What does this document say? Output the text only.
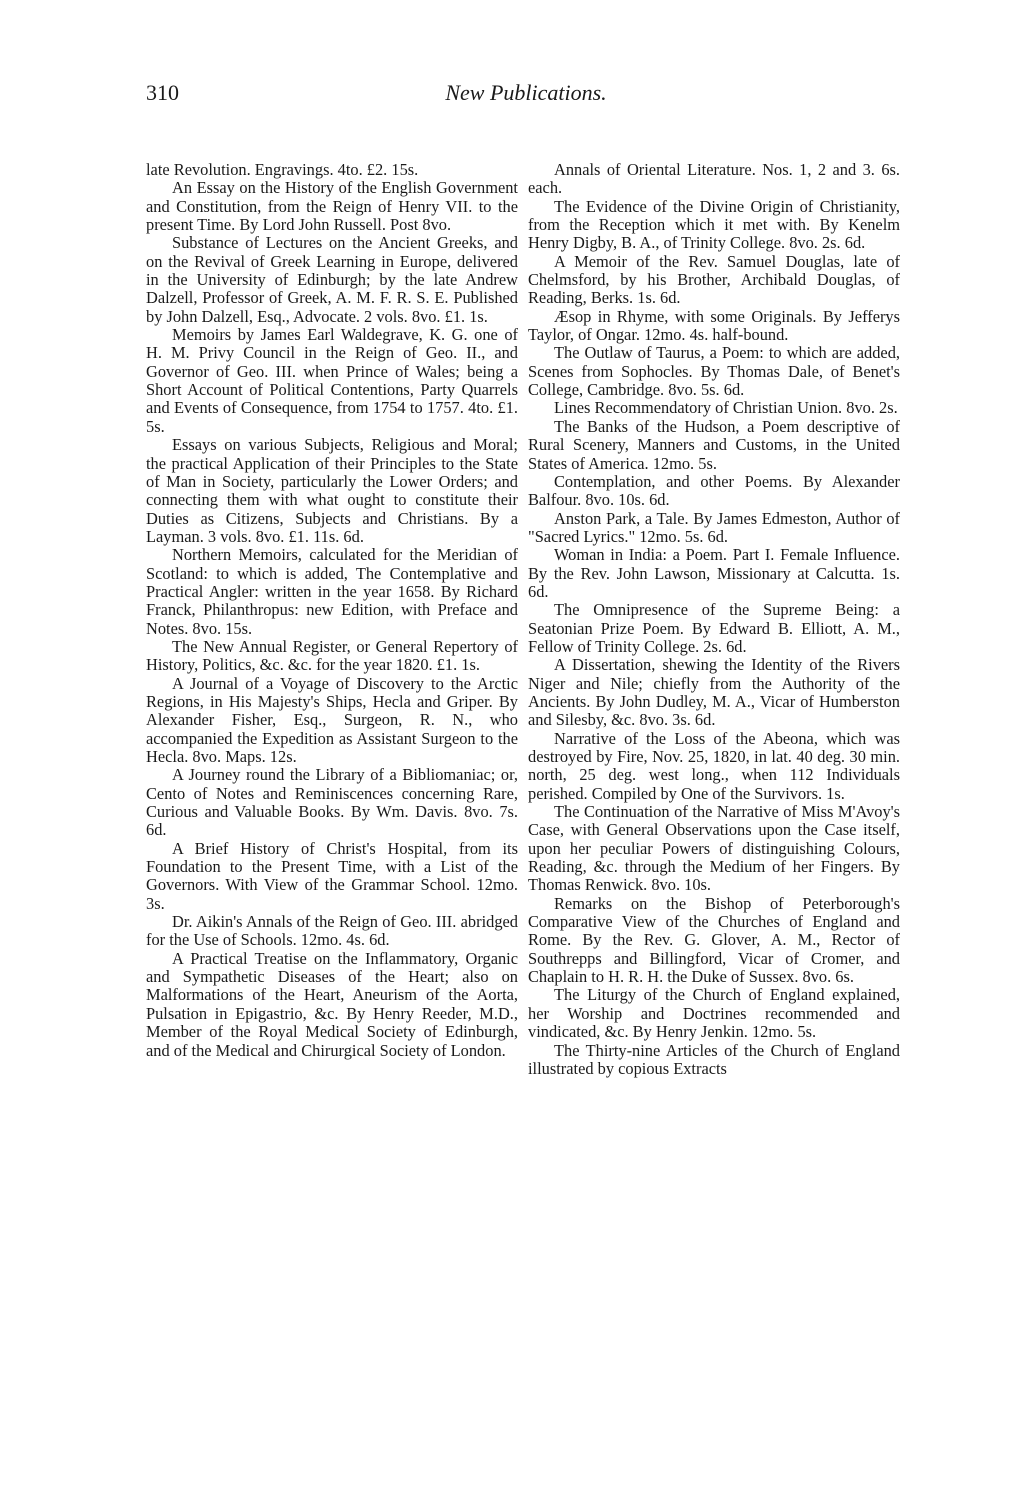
310	New Publications.

late Revolution. Engravings. 4to. £2. 15s.

An Essay on the History of the English Government and Constitution, from the Reign of Henry VII. to the present Time. By Lord John Russell. Post 8vo.

Substance of Lectures on the Ancient Greeks, and on the Revival of Greek Learning in Europe, delivered in the University of Edinburgh; by the late Andrew Dalzell, Professor of Greek, A. M. F. R. S. E. Published by John Dalzell, Esq., Advocate. 2 vols. 8vo. £1. 1s.

Memoirs by James Earl Waldegrave, K. G. one of H. M. Privy Council in the Reign of Geo. II., and Governor of Geo. III. when Prince of Wales; being a Short Account of Political Contentions, Party Quarrels and Events of Consequence, from 1754 to 1757. 4to. £1. 5s.

Essays on various Subjects, Religious and Moral; the practical Application of their Principles to the State of Man in Society, particularly the Lower Orders; and connecting them with what ought to constitute their Duties as Citizens, Subjects and Christians. By a Layman. 3 vols. 8vo. £1. 11s. 6d.

Northern Memoirs, calculated for the Meridian of Scotland: to which is added, The Contemplative and Practical Angler: written in the year 1658. By Richard Franck, Philanthropus: new Edition, with Preface and Notes. 8vo. 15s.

The New Annual Register, or General Repertory of History, Politics, &c. &c. for the year 1820. £1. 1s.

A Journal of a Voyage of Discovery to the Arctic Regions, in His Majesty's Ships, Hecla and Griper. By Alexander Fisher, Esq., Surgeon, R. N., who accompanied the Expedition as Assistant Surgeon to the Hecla. 8vo. Maps. 12s.

A Journey round the Library of a Bibliomaniac; or, Cento of Notes and Reminiscences concerning Rare, Curious and Valuable Books. By Wm. Davis. 8vo. 7s. 6d.

A Brief History of Christ's Hospital, from its Foundation to the Present Time, with a List of the Governors. With View of the Grammar School. 12mo. 3s.

Dr. Aikin's Annals of the Reign of Geo. III. abridged for the Use of Schools. 12mo. 4s. 6d.

A Practical Treatise on the Inflammatory, Organic and Sympathetic Diseases of the Heart; also on Malformations of the Heart, Aneurism of the Aorta, Pulsation in Epigastrio, &c. By Henry Reeder, M.D., Member of the Royal Medical Society of Edinburgh, and of the Medical and Chirurgical Society of London.

Annals of Oriental Literature. Nos. 1, 2 and 3. 6s. each.

The Evidence of the Divine Origin of Christianity, from the Reception which it met with. By Kenelm Henry Digby, B. A., of Trinity College. 8vo. 2s. 6d.

A Memoir of the Rev. Samuel Douglas, late of Chelmsford, by his Brother, Archibald Douglas, of Reading, Berks. 1s. 6d.

Æsop in Rhyme, with some Originals. By Jefferys Taylor, of Ongar. 12mo. 4s. half-bound.

The Outlaw of Taurus, a Poem: to which are added, Scenes from Sophocles. By Thomas Dale, of Benet's College, Cambridge. 8vo. 5s. 6d.

Lines Recommendatory of Christian Union. 8vo. 2s.

The Banks of the Hudson, a Poem descriptive of Rural Scenery, Manners and Customs, in the United States of America. 12mo. 5s.

Contemplation, and other Poems. By Alexander Balfour. 8vo. 10s. 6d.

Anston Park, a Tale. By James Edmeston, Author of "Sacred Lyrics." 12mo. 5s. 6d.

Woman in India: a Poem. Part I. Female Influence. By the Rev. John Lawson, Missionary at Calcutta. 1s. 6d.

The Omnipresence of the Supreme Being: a Seatonian Prize Poem. By Edward B. Elliott, A. M., Fellow of Trinity College. 2s. 6d.

A Dissertation, shewing the Identity of the Rivers Niger and Nile; chiefly from the Authority of the Ancients. By John Dudley, M. A., Vicar of Humberston and Silesby, &c. 8vo. 3s. 6d.

Narrative of the Loss of the Abeona, which was destroyed by Fire, Nov. 25, 1820, in lat. 40 deg. 30 min. north, 25 deg. west long., when 112 Individuals perished. Compiled by One of the Survivors. 1s.

The Continuation of the Narrative of Miss M'Avoy's Case, with General Observations upon the Case itself, upon her peculiar Powers of distinguishing Colours, Reading, &c. through the Medium of her Fingers. By Thomas Renwick. 8vo. 10s.

Remarks on the Bishop of Peterborough's Comparative View of the Churches of England and Rome. By the Rev. G. Glover, A. M., Rector of Southrepps and Billingford, Vicar of Cromer, and Chaplain to H. R. H. the Duke of Sussex. 8vo. 6s.

The Liturgy of the Church of England explained, her Worship and Doctrines recommended and vindicated, &c. By Henry Jenkin. 12mo. 5s.

The Thirty-nine Articles of the Church of England illustrated by copious Extracts
